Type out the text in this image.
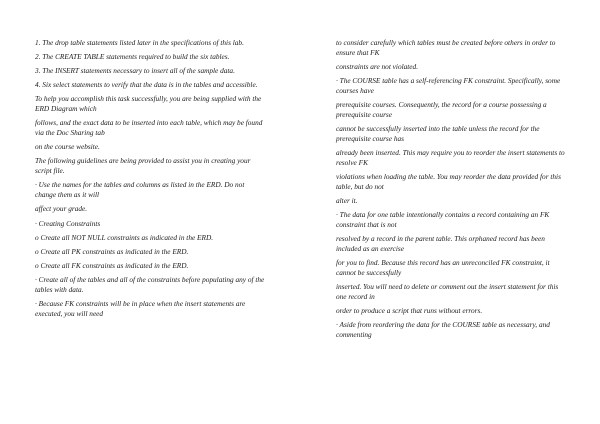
1. The drop table statements listed later in the specifications of this lab.

2. The CREATE TABLE statements required to build the six tables.

3. The INSERT statements necessary to insert all of the sample data.

4. Six select statements to verify that the data is in the tables and accessible.

To help you accomplish this task successfully, you are being supplied with the ERD Diagram which

follows, and the exact data to be inserted into each table, which may be found via the Doc Sharing tab

on the course website.

The following guidelines are being provided to assist you in creating your script file.

· Use the names for the tables and columns as listed in the ERD. Do not change them as it will

affect your grade.

· Creating Constraints

o Create all NOT NULL constraints as indicated in the ERD.

o Create all PK constraints as indicated in the ERD.

o Create all FK constraints as indicated in the ERD.

· Create all of the tables and all of the constraints before populating any of the tables with data.

· Because FK constraints will be in place when the insert statements are executed, you will need

to consider carefully which tables must be created before others in order to ensure that FK

constraints are not violated.

· The COURSE table has a self-referencing FK constraint. Specifically, some courses have

prerequisite courses. Consequently, the record for a course possessing a prerequisite course

cannot be successfully inserted into the table unless the record for the prerequisite course has

already been inserted. This may require you to reorder the insert statements to resolve FK

violations when loading the table. You may reorder the data provided for this table, but do not

alter it.

· The data for one table intentionally contains a record containing an FK constraint that is not

resolved by a record in the parent table. This orphaned record has been included as an exercise

for you to find. Because this record has an unreconciled FK constraint, it cannot be successfully

inserted. You will need to delete or comment out the insert statement for this one record in

order to produce a script that runs without errors.

· Aside from reordering the data for the COURSE table as necessary, and commenting
